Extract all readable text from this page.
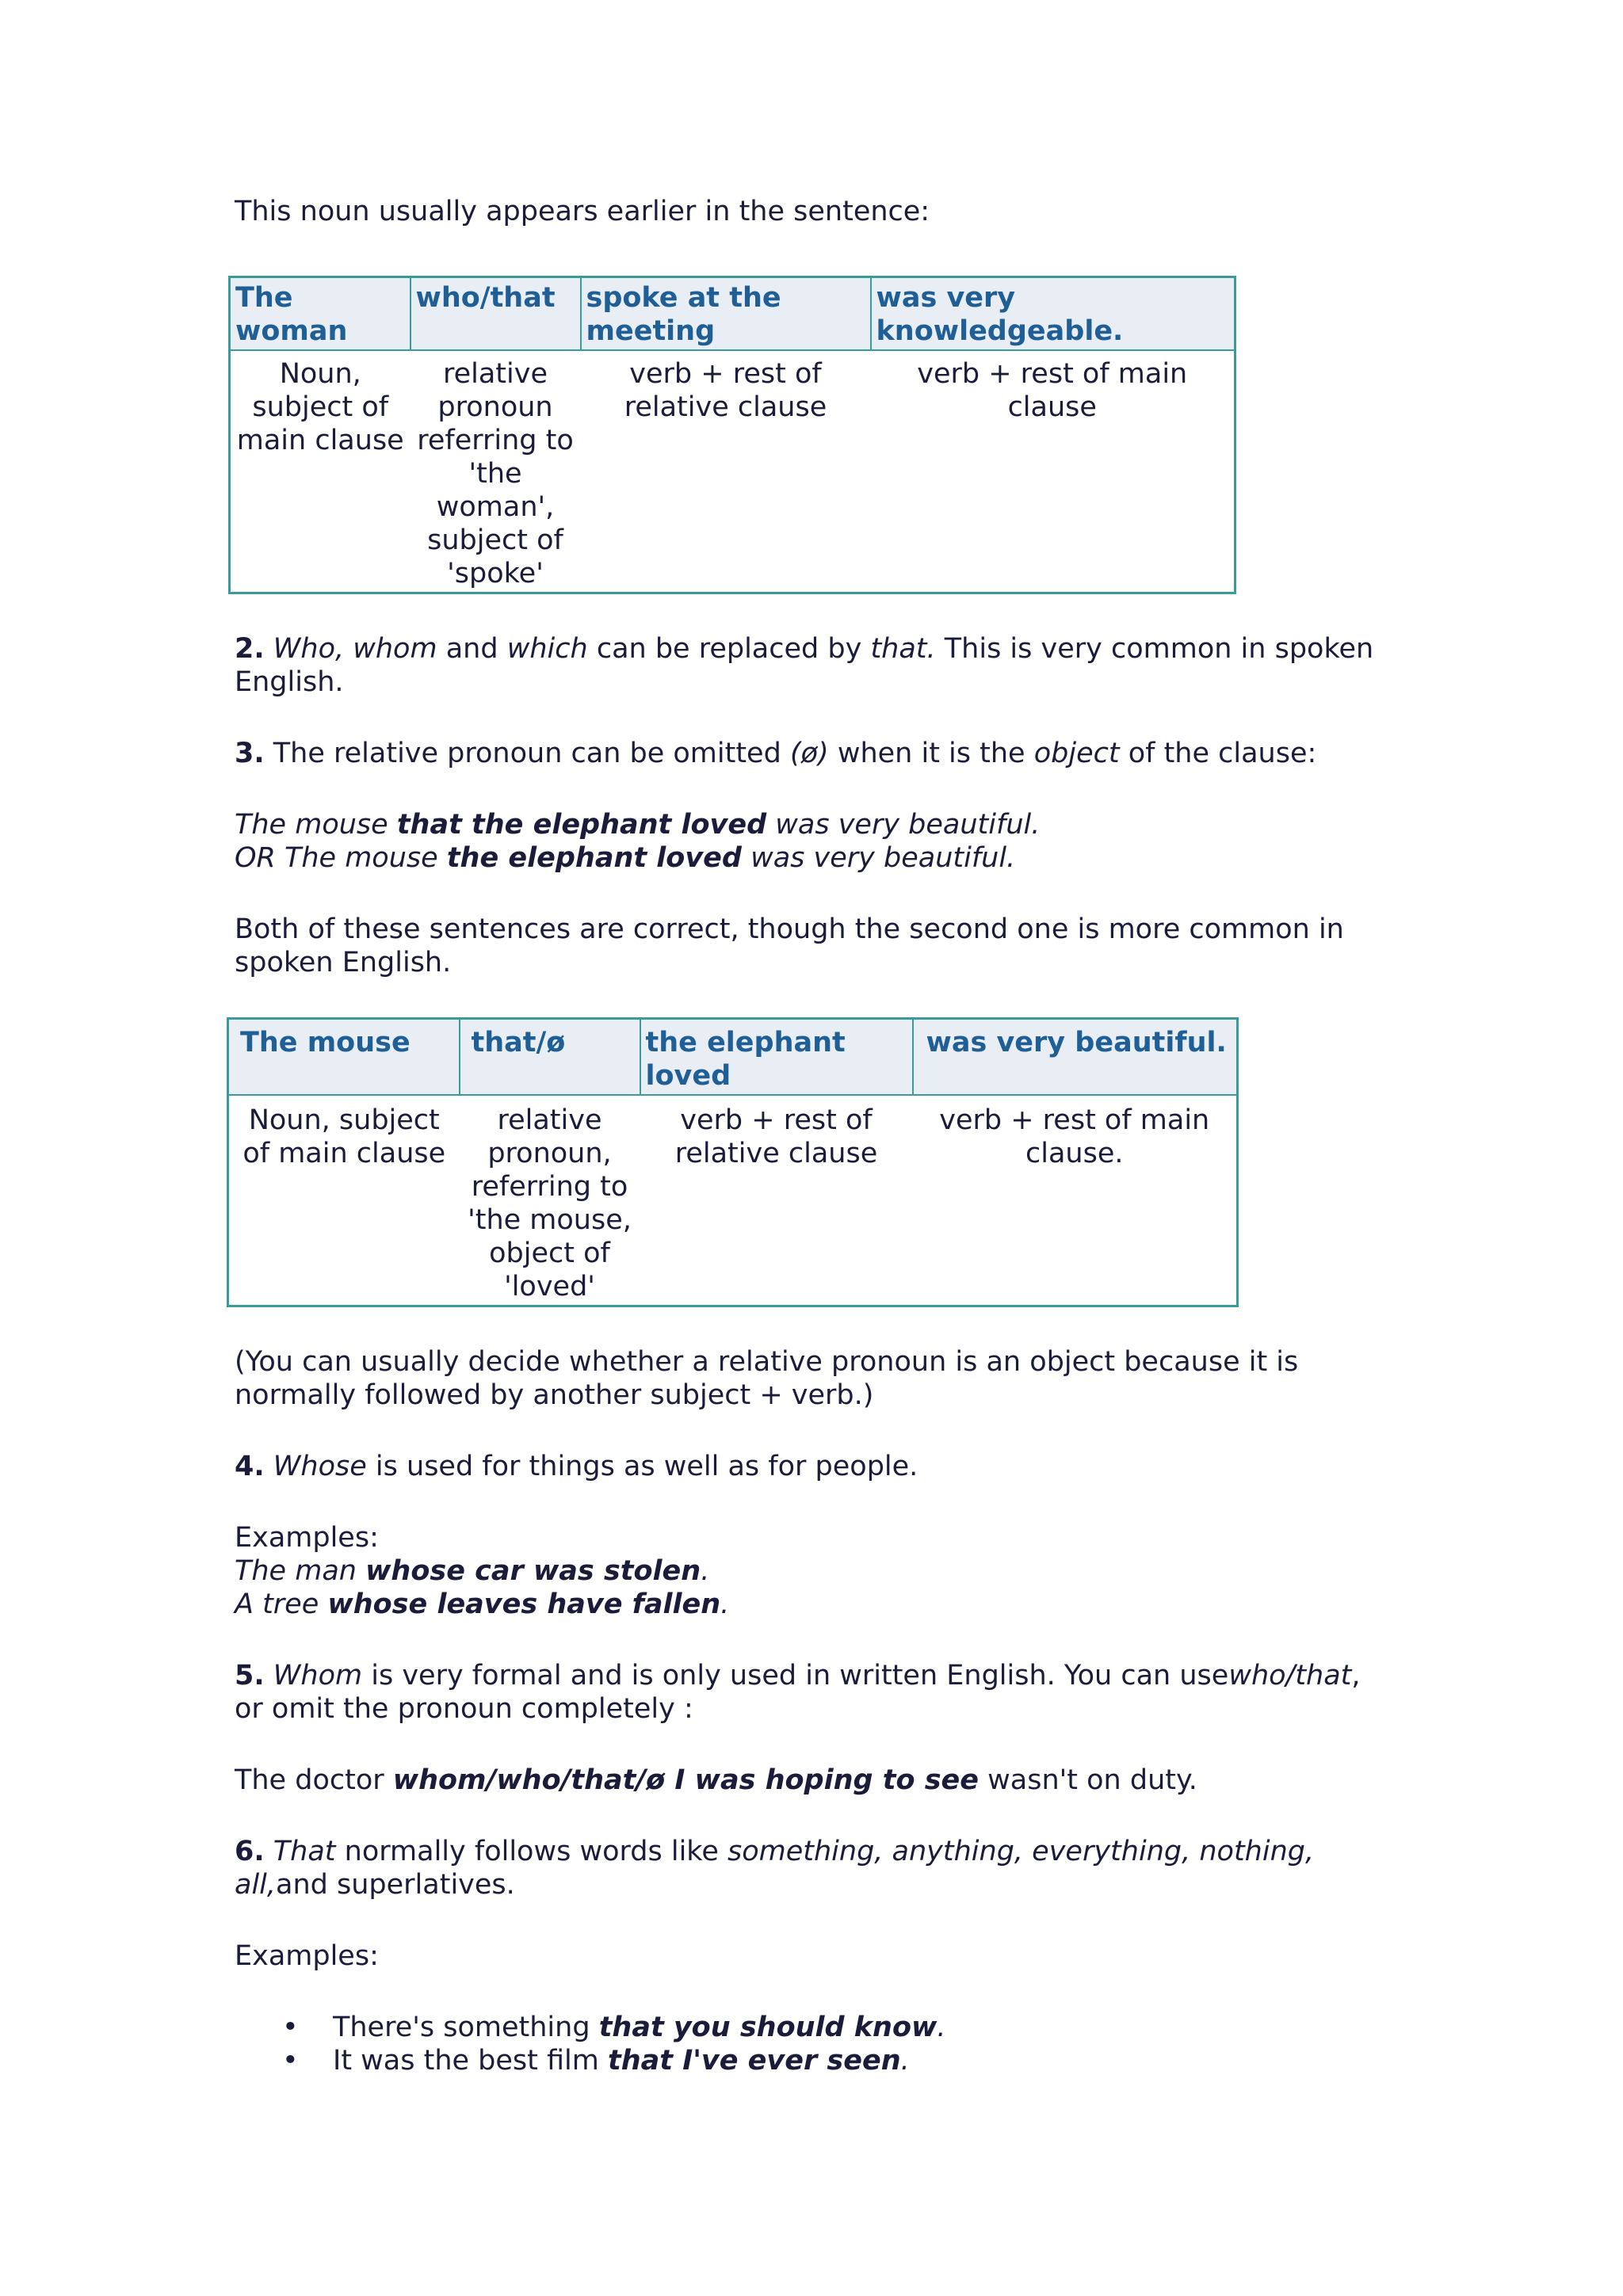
This noun usually appears earlier in the sentence:

The woman	who/that	spoke at the meeting	was very knowledgeable.
Noun, subject of main clause	relative pronoun referring to 'the woman', subject of 'spoke'	verb + rest of relative clause	verb + rest of main clause

2. Who, whom and which can be replaced by that. This is very common in spoken English.

3. The relative pronoun can be omitted (ø) when it is the object of the clause:

The mouse that the elephant loved was very beautiful.

OR The mouse the elephant loved was very beautiful.

Both of these sentences are correct, though the second one is more common in spoken English.

The mouse	that/ø	the elephant loved	was very beautiful.
Noun, subject of main clause	relative pronoun, referring to 'the mouse, object of 'loved'	verb + rest of relative clause	verb + rest of main clause.

(You can usually decide whether a relative pronoun is an object because it is normally followed by another subject + verb.)

4. Whose is used for things as well as for people.

Examples:

The man whose car was stolen.

A tree whose leaves have fallen.

5. Whom is very formal and is only used in written English. You can usewho/that, or omit the pronoun completely :

The doctor whom/who/that/ø I was hoping to see wasn't on duty.

6. That normally follows words like something, anything, everything, nothing, all,and superlatives.

Examples:

• There's something that you should know.
• It was the best film that I've ever seen.
